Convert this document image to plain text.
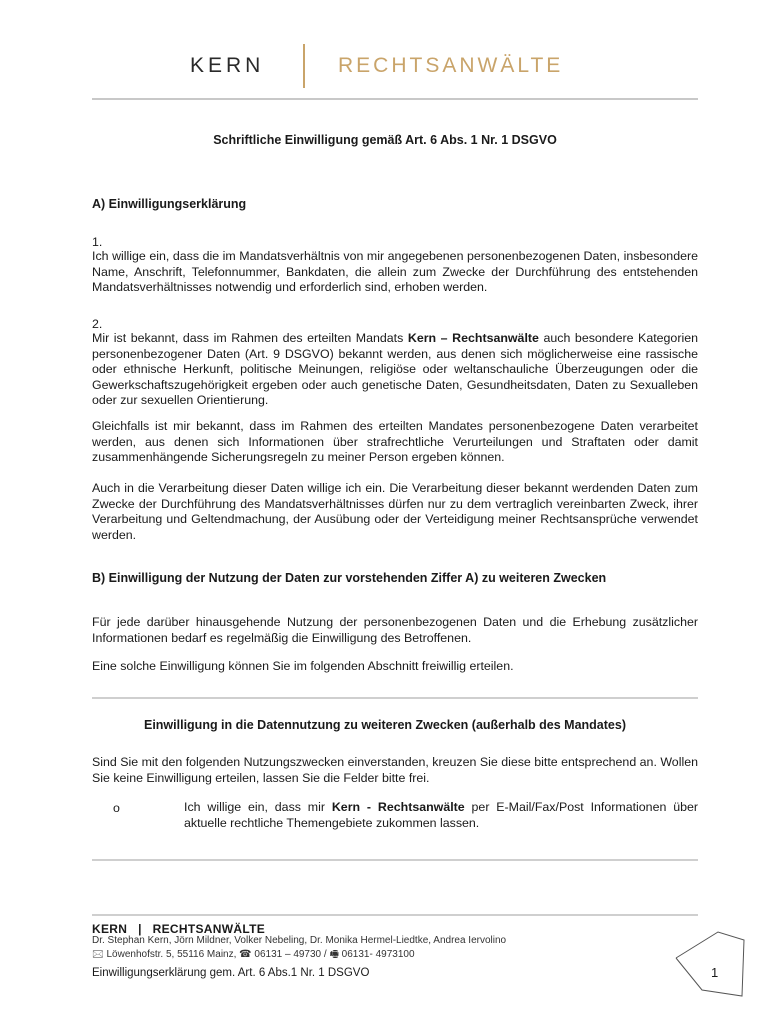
KERN	RECHTSANWÄLTE
Schriftliche Einwilligung gemäß Art. 6 Abs. 1 Nr. 1 DSGVO
A) Einwilligungserklärung
1.
Ich willige ein, dass die im Mandatsverhältnis von mir angegebenen personenbezogenen Daten, insbesondere Name, Anschrift, Telefonnummer, Bankdaten, die allein zum Zwecke der Durchführung des entstehenden Mandatsverhältnisses notwendig und erforderlich sind, erhoben werden.
2.
Mir ist bekannt, dass im Rahmen des erteilten Mandats Kern – Rechtsanwälte auch besondere Kategorien personenbezogener Daten (Art. 9 DSGVO) bekannt werden, aus denen sich möglicherweise eine rassische oder ethnische Herkunft, politische Meinungen, religiöse oder weltanschauliche Überzeugungen oder die Gewerkschaftszugehörigkeit ergeben oder auch genetische Daten, Gesundheitsdaten, Daten zu Sexualleben oder zur sexuellen Orientierung.
Gleichfalls ist mir bekannt, dass im Rahmen des erteilten Mandates personenbezogene Daten verarbeitet werden, aus denen sich Informationen über strafrechtliche Verurteilungen und Straftaten oder damit zusammenhängende Sicherungsregeln zu meiner Person ergeben können.
Auch in die Verarbeitung dieser Daten willige ich ein. Die Verarbeitung dieser bekannt werdenden Daten zum Zwecke der Durchführung des Mandatsverhältnisses dürfen nur zu dem vertraglich vereinbarten Zweck, ihrer Verarbeitung und Geltendmachung, der Ausübung oder der Verteidigung meiner Rechtsansprüche verwendet werden.
B) Einwilligung der Nutzung der Daten zur vorstehenden Ziffer A) zu weiteren Zwecken
Für jede darüber hinausgehende Nutzung der personenbezogenen Daten und die Erhebung zusätzlicher Informationen bedarf es regelmäßig die Einwilligung des Betroffenen.
Eine solche Einwilligung können Sie im folgenden Abschnitt freiwillig erteilen.
Einwilligung in die Datennutzung zu weiteren Zwecken (außerhalb des Mandates)
Sind Sie mit den folgenden Nutzungszwecken einverstanden, kreuzen Sie diese bitte entsprechend an. Wollen Sie keine Einwilligung erteilen, lassen Sie die Felder bitte frei.
o	Ich willige ein, dass mir Kern - Rechtsanwälte per E-Mail/Fax/Post Informationen über aktuelle rechtliche Themengebiete zukommen lassen.
KERN   |   RECHTSANWÄLTE
Dr. Stephan Kern, Jörn Mildner, Volker Nebeling, Dr. Monika Hermel-Liedtke, Andrea Iervolino
🖂 Löwenhofstr. 5, 55116 Mainz, ☎ 06131 – 49730 / 🖷 06131- 4973100
Einwilligungserklärung gem. Art. 6 Abs.1 Nr. 1 DSGVO	1
